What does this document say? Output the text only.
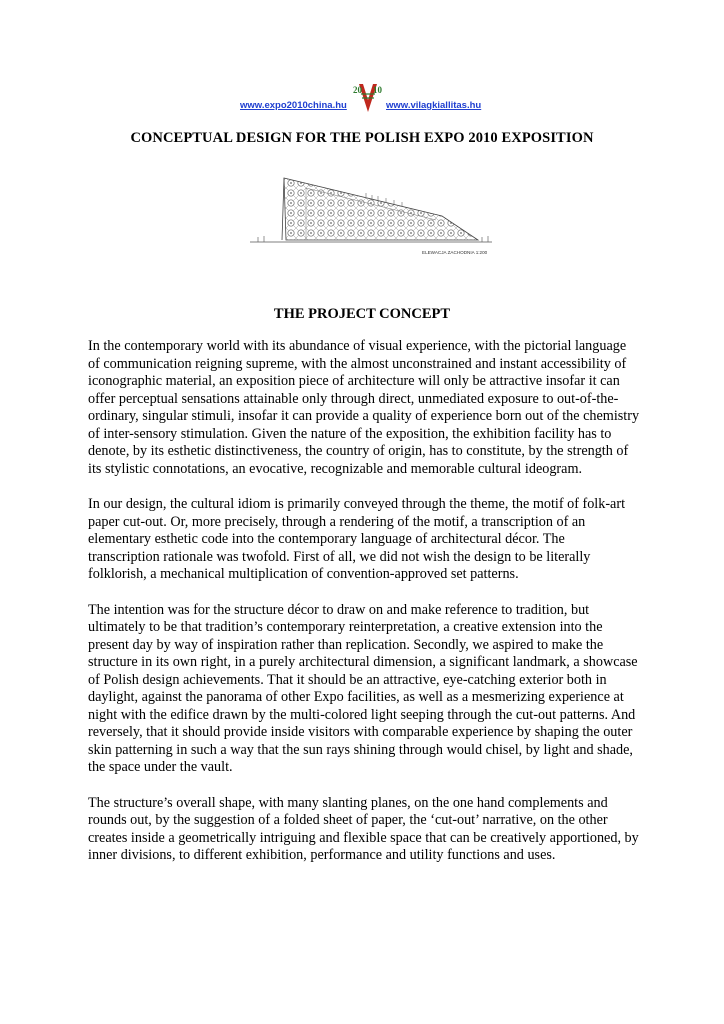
www.expo2010china.hu
20 10
www.vilagkiallitas.hu
CONCEPTUAL DESIGN FOR THE POLISH EXPO 2010 EXPOSITION
ELEWACJA ZACHODNIA 1:200
THE PROJECT CONCEPT

In the contemporary world with its abundance of visual experience, with the pictorial language of communication reigning supreme, with the almost unconstrained and instant accessibility of iconographic material, an exposition piece of architecture will only be attractive insofar it can offer perceptual sensations attainable only through direct, unmediated exposure to out-of-the-ordinary, singular stimuli, insofar it can provide a quality of experience born out of the chemistry of inter-sensory stimulation. Given the nature of the exposition, the exhibition facility has to denote, by its esthetic distinctiveness, the country of origin, has to constitute, by the strength of its stylistic connotations, an evocative, recognizable and memorable cultural ideogram.

In our design, the cultural idiom is primarily conveyed through the theme, the motif of folk-art paper cut-out. Or, more precisely, through a rendering of the motif, a transcription of an elementary esthetic code into the contemporary language of architectural décor. The transcription rationale was twofold. First of all, we did not wish the design to be literally folklorish, a mechanical multiplication of convention-approved set patterns.

The intention was for the structure décor to draw on and make reference to tradition, but ultimately to be that tradition’s contemporary reinterpretation, a creative extension into the present day by way of inspiration rather than replication. Secondly, we aspired to make the structure in its own right, in a purely architectural dimension, a significant landmark, a showcase of Polish design achievements. That it should be an attractive, eye-catching exterior both in daylight, against the panorama of other Expo facilities, as well as a mesmerizing experience at night with the edifice drawn by the multi-colored light seeping through the cut-out patterns. And reversely, that it should provide inside visitors with comparable experience by shaping the outer skin patterning in such a way that the sun rays shining through would chisel, by light and shade, the space under the vault.

The structure’s overall shape, with many slanting planes, on the one hand complements and rounds out, by the suggestion of a folded sheet of paper, the ‘cut-out’ narrative, on the other creates inside a geometrically intriguing and flexible space that can be creatively apportioned, by inner divisions, to different exhibition, performance and utility functions and uses.
